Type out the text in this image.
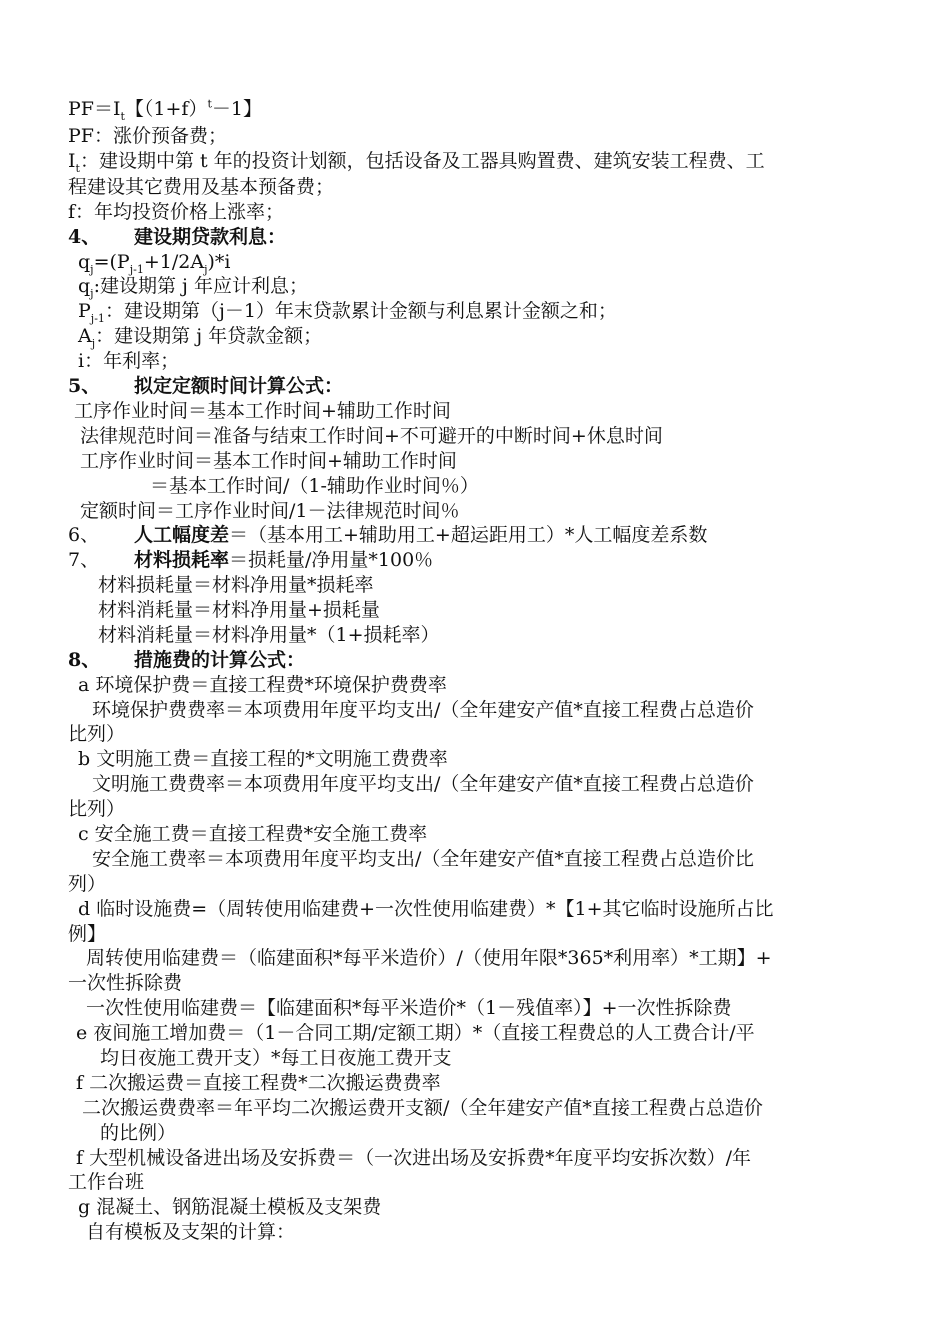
$PF=I_t$【$(1+f)^t-1$】
PF：涨价预备费；
$I_t$：建设期中第 t 年的投资计划额，包括设备及工器具购置费、建筑安装工程费、工
程建设其它费用及基本预备费；
f：年均投资价格上涨率；
4、 建设期贷款利息：
$q_j=(P_{j-1}+1/2A_j)*i$
$q_j$:建设期第 j 年应计利息；
$P_{j-1}$：建设期第（j－1）年末贷款累计金额与利息累计金额之和；
$A_j$：建设期第 j 年贷款金额；
i：年利率；
5、 拟定定额时间计算公式：
工序作业时间＝基本工作时间+辅助工作时间
法律规范时间＝准备与结束工作时间+不可避开的中断时间+休息时间
工序作业时间＝基本工作时间+辅助工作时间
＝基本工作时间/（1-辅助作业时间％）
定额时间＝工序作业时间/1－法律规范时间％
6、 人工幅度差＝（基本用工+辅助用工+超运距用工）*人工幅度差系数
7、 材料损耗率＝损耗量/净用量*100％
材料损耗量＝材料净用量*损耗率
材料消耗量＝材料净用量+损耗量
材料消耗量＝材料净用量*（1+损耗率）
8、 措施费的计算公式：
a 环境保护费＝直接工程费*环境保护费费率
环境保护费费率＝本项费用年度平均支出/（全年建安产值*直接工程费占总造价
比列）
b 文明施工费＝直接工程的*文明施工费费率
文明施工费费率＝本项费用年度平均支出/（全年建安产值*直接工程费占总造价
比列）
c 安全施工费＝直接工程费*安全施工费率
安全施工费率＝本项费用年度平均支出/（全年建安产值*直接工程费占总造价比
列）
d 临时设施费=（周转使用临建费+一次性使用临建费）*【1+其它临时设施所占比
例】
周转使用临建费＝（临建面积*每平米造价）/（使用年限*365*利用率）*工期】+
一次性拆除费
一次性使用临建费＝【临建面积*每平米造价*（1－残值率）】+一次性拆除费
e 夜间施工增加费＝（1－合同工期/定额工期）*（直接工程费总的人工费合计/平
均日夜施工费开支）*每工日夜施工费开支
f 二次搬运费＝直接工程费*二次搬运费费率
二次搬运费费率＝年平均二次搬运费开支额/（全年建安产值*直接工程费占总造价
的比例）
f 大型机械设备进出场及安拆费＝（一次进出场及安拆费*年度平均安拆次数）/年
工作台班
g 混凝土、钢筋混凝土模板及支架费
自有模板及支架的计算：
